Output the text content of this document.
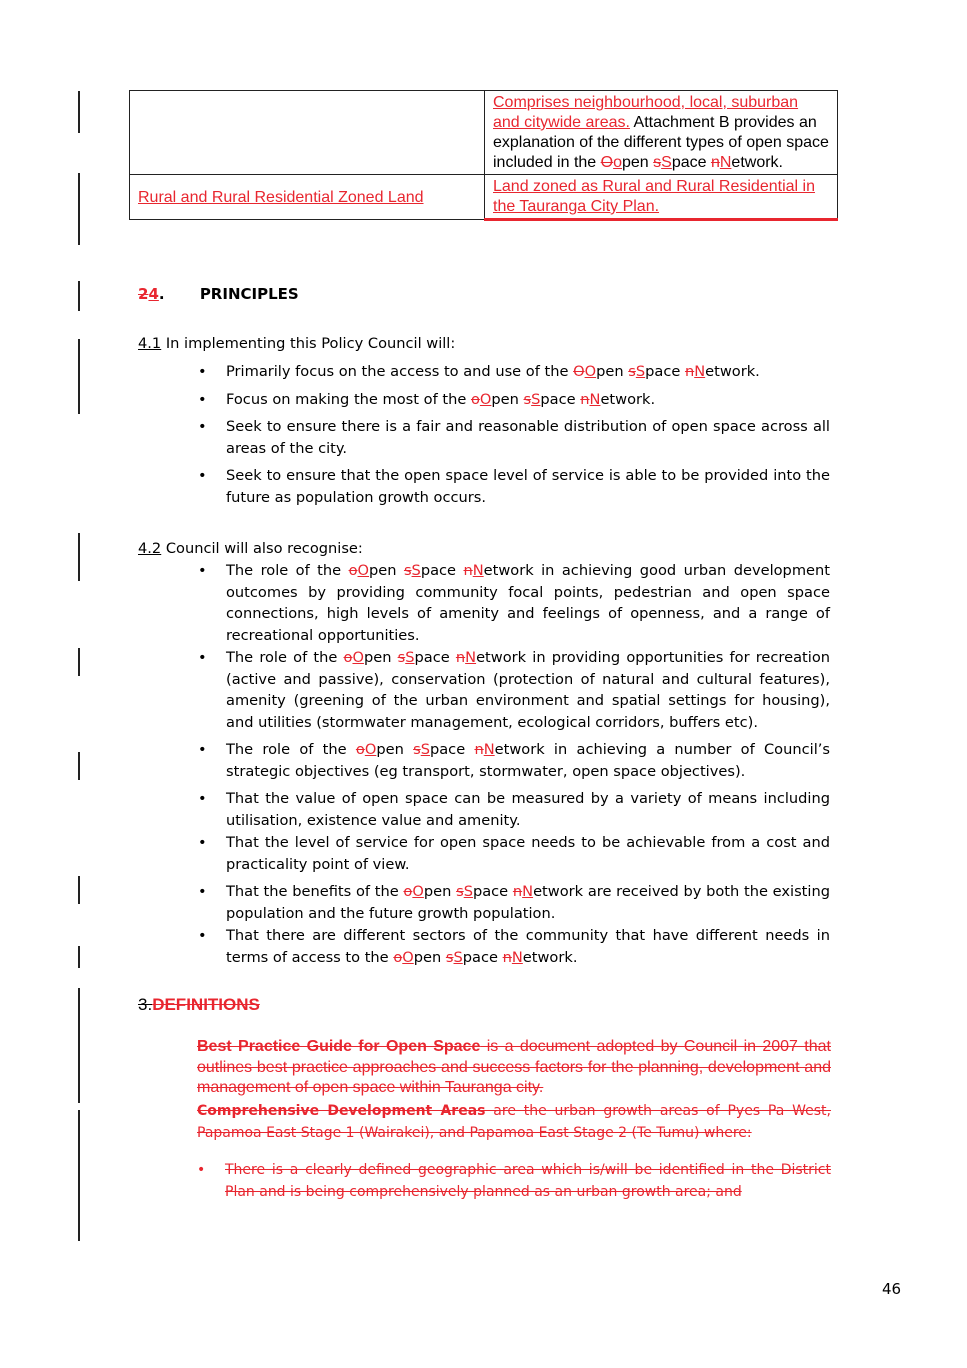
	Comprises neighbourhood, local, suburban and citywide areas. Attachment B provides an explanation of the different types of open space included in the Oopen sSpace nNetwork.
Rural and Rural Residential Zoned Land	Land zoned as Rural and Rural Residential in the Tauranga City Plan.
24. PRINCIPLES
4.1 In implementing this Policy Council will:
• Primarily focus on the access to and use of the OOpen sSpace nNetwork.
• Focus on making the most of the oOpen sSpace nNetwork.
• Seek to ensure there is a fair and reasonable distribution of open space across all areas of the city.
• Seek to ensure that the open space level of service is able to be provided into the future as population growth occurs.
4.2 Council will also recognise:
• The role of the oOpen sSpace nNetwork in achieving good urban development outcomes by providing community focal points, pedestrian and open space connections, high levels of amenity and feelings of openness, and a range of recreational opportunities.
• The role of the oOpen sSpace nNetwork in providing opportunities for recreation (active and passive), conservation (protection of natural and cultural features), amenity (greening of the urban environment and spatial settings for housing), and utilities (stormwater management, ecological corridors, buffers etc).
• The role of the oOpen sSpace nNetwork in achieving a number of Council’s strategic objectives (eg transport, stormwater, open space objectives).
• That the value of open space can be measured by a variety of means including utilisation, existence value and amenity.
• That the level of service for open space needs to be achievable from a cost and practicality point of view.
• That the benefits of the oOpen sSpace nNetwork are received by both the existing population and the future growth population.
• That there are different sectors of the community that have different needs in terms of access to the oOpen sSpace nNetwork.
3.DEFINITIONS
Best Practice Guide for Open Space is a document adopted by Council in 2007 that outlines best practice approaches and success factors for the planning, development and management of open space within Tauranga city.
Comprehensive Development Areas are the urban growth areas of Pyes Pa West, Papamoa East Stage 1 (Wairakei), and Papamoa East Stage 2 (Te Tumu) where:
• There is a clearly defined geographic area which is/will be identified in the District Plan and is being comprehensively planned as an urban growth area; and
46
